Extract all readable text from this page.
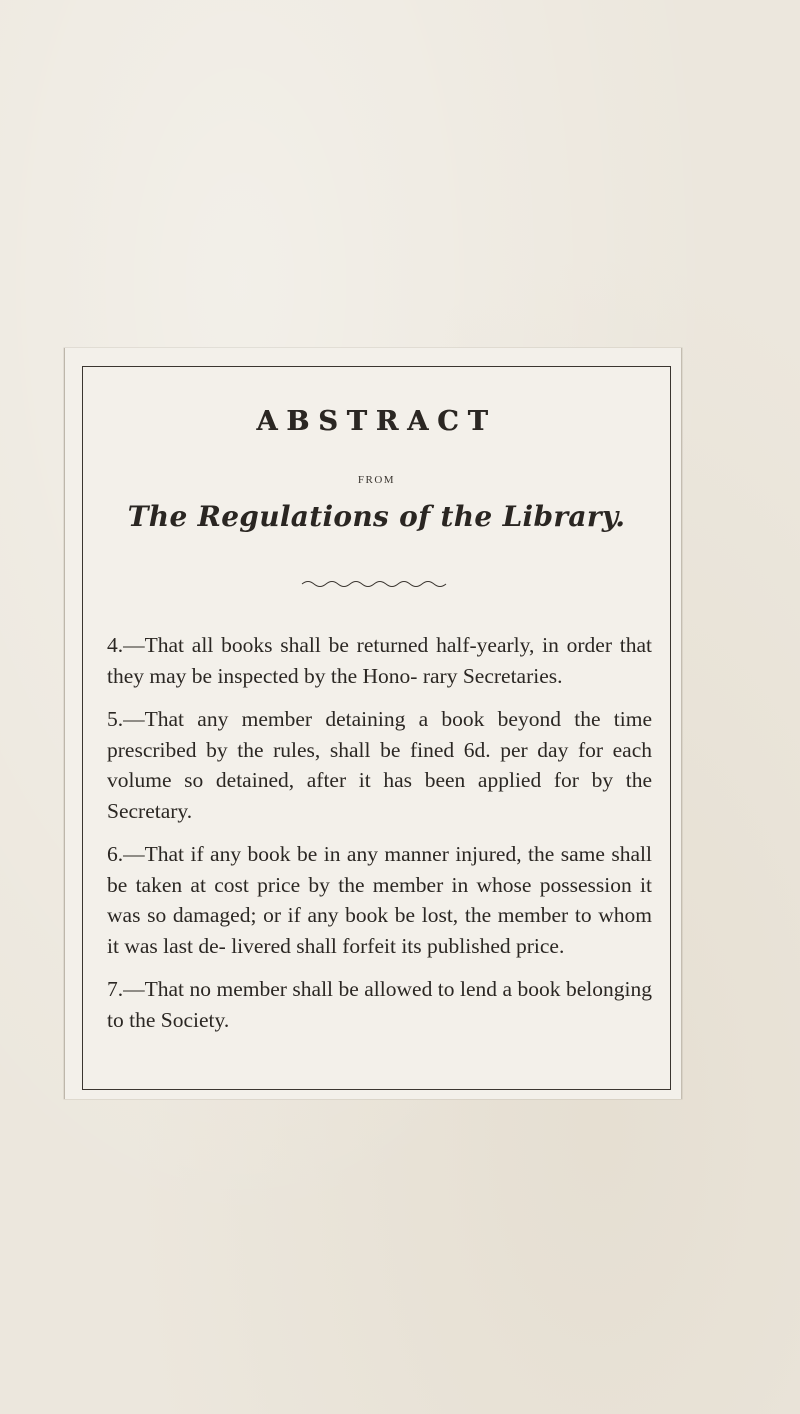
ABSTRACT
FROM
The Regulations of the Library.

4.—That all books shall be returned half-yearly, in order that they may be inspected by the Hono- rary Secretaries.

5.—That any member detaining a book beyond the time prescribed by the rules, shall be fined 6d. per day for each volume so detained, after it has been applied for by the Secretary.

6.—That if any book be in any manner injured, the same shall be taken at cost price by the member in whose possession it was so damaged; or if any book be lost, the member to whom it was last de- livered shall forfeit its published price.

7.—That no member shall be allowed to lend a book belonging to the Society.
